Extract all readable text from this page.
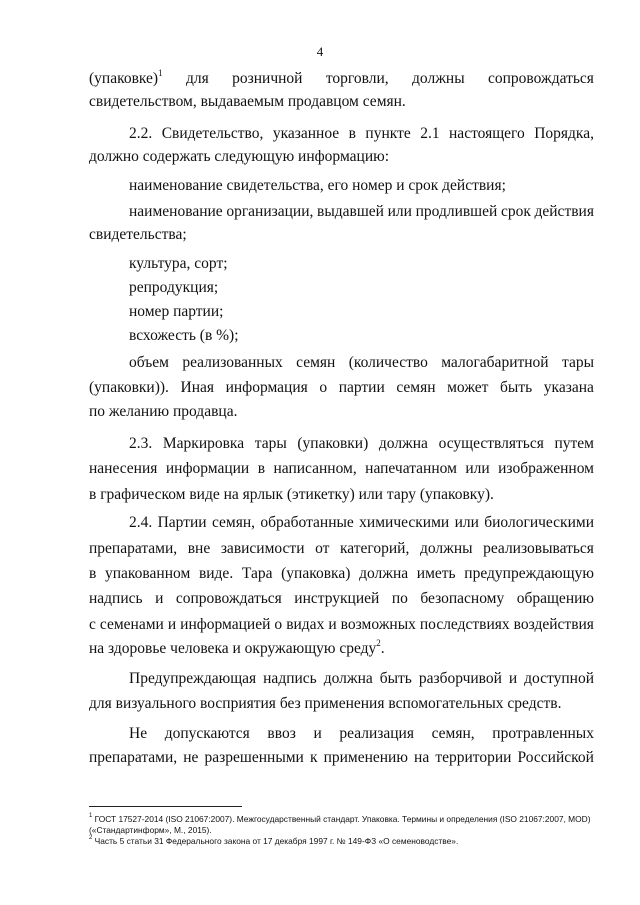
4
(упаковке)$^1$ для розничной торговли, должны сопровождаться
свидетельством, выдаваемым продавцом семян.
2.2. Свидетельство, указанное в пункте 2.1 настоящего Порядка,
должно содержать следующую информацию:
наименование свидетельства, его номер и срок действия;
наименование организации, выдавшей или продлившей срок действия
свидетельства;
культура, сорт;
репродукция;
номер партии;
всхожесть (в %);
объем реализованных семян (количество малогабаритной тары
(упаковки)). Иная информация о партии семян может быть указана
по желанию продавца.
2.3. Маркировка тары (упаковки) должна осуществляться путем
нанесения информации в написанном, напечатанном или изображенном
в графическом виде на ярлык (этикетку) или тару (упаковку).
2.4. Партии семян, обработанные химическими или биологическими
препаратами, вне зависимости от категорий, должны реализовываться
в упакованном виде. Тара (упаковка) должна иметь предупреждающую
надпись и сопровождаться инструкцией по безопасному обращению
с семенами и информацией о видах и возможных последствиях воздействия
на здоровье человека и окружающую среду$^2$.
Предупреждающая надпись должна быть разборчивой и доступной
для визуального восприятия без применения вспомогательных средств.
Не допускаются ввоз и реализация семян, протравленных
препаратами, не разрешенными к применению на территории Российской
$^1$ ГОСТ 17527-2014 (ISO 21067:2007). Межгосударственный стандарт. Упаковка. Термины и определения (ISO 21067:2007, MOD)
(«Стандартинформ», М., 2015).
$^2$ Часть 5 статьи 31 Федерального закона от 17 декабря 1997 г. № 149-ФЗ «О семеноводстве».
